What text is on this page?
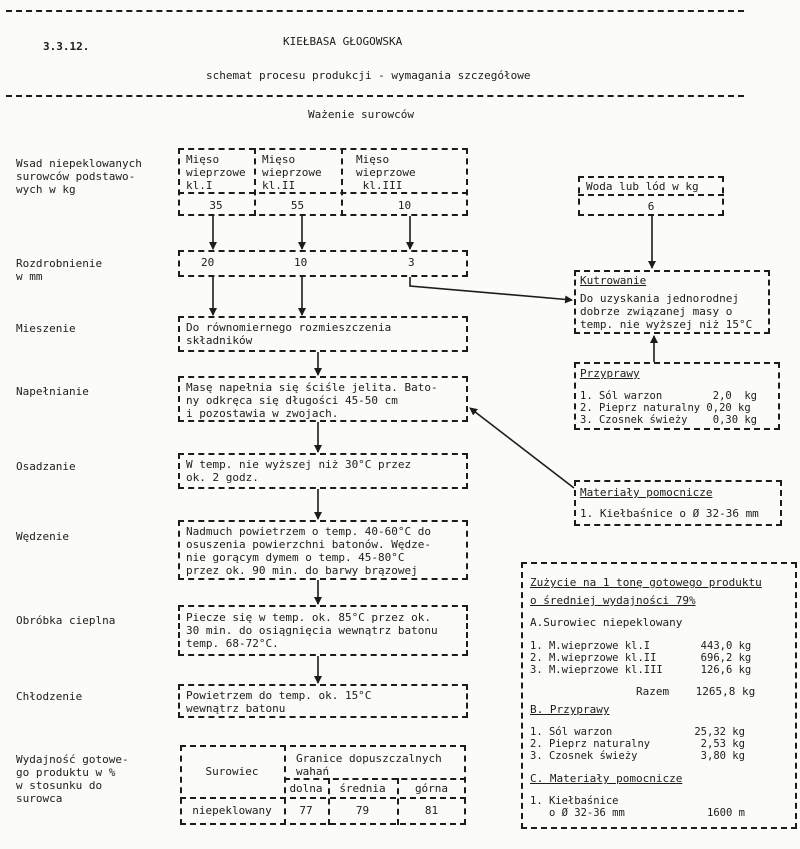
3.3.12.	KIEŁBASA GŁOGOWSKA
schemat procesu produkcji - wymagania szczegółowe
Ważenie surowców
Wsad niepeklowanych
surowców podstawo-
wych w kg
Rozdrobnienie
w mm
Mieszenie
Napełnianie
Osadzanie
Wędzenie
Obróbka cieplna
Chłodzenie
Wydajność gotowe-
go produktu w %
w stosunku do
surowca
Mięso
wieprzowe
kl.I
Mięso
wieprzowe
kl.II
Mięso
wieprzowe
kl.III
35	55	10
20	10	3
Do równomiernego rozmieszczenia
składników
Masę napełnia się ściśle jelita. Bato-
ny odkręca się długości 45-50 cm
i pozostawia w zwojach.
W temp. nie wyższej niż 30°C przez
ok. 2 godz.
Nadmuch powietrzem o temp. 40-60°C do
osuszenia powierzchni batonów. Wędze-
nie gorącym dymem o temp. 45-80°C
przez ok. 90 min. do barwy brązowej
Piecze się w temp. ok. 85°C przez ok.
30 min. do osiągnięcia wewnątrz batonu
temp. 68-72°C.
Powietrzem do temp. ok. 15°C
wewnątrz batonu
Surowiec
Granice dopuszczalnych
wahań
dolna	średnia	górna
niepeklowany	77	79	81
Woda lub lód w kg
6
Kutrowanie
Do uzyskania jednorodnej
dobrze związanej masy o
temp. nie wyższej niż 15°C
Przyprawy
1. Sól warzon        2,0  kg
2. Pieprz naturalny 0,20 kg
3. Czosnek świeży    0,30 kg
Materiały pomocnicze
1. Kiełbaśnice o Ø 32-36 mm
Zużycie na 1 tonę gotowego produktu
o średniej wydajności 79%
A.Surowiec niepeklowany
1. M.wieprzowe kl.I        443,0 kg
2. M.wieprzowe kl.II       696,2 kg
3. M.wieprzowe kl.III      126,6 kg
Razem    1265,8 kg
B. Przyprawy
1. Sól warzon             25,32 kg
2. Pieprz naturalny        2,53 kg
3. Czosnek świeży          3,80 kg
C. Materiały pomocnicze
1. Kiełbaśnice
o Ø 32-36 mm             1600 m
